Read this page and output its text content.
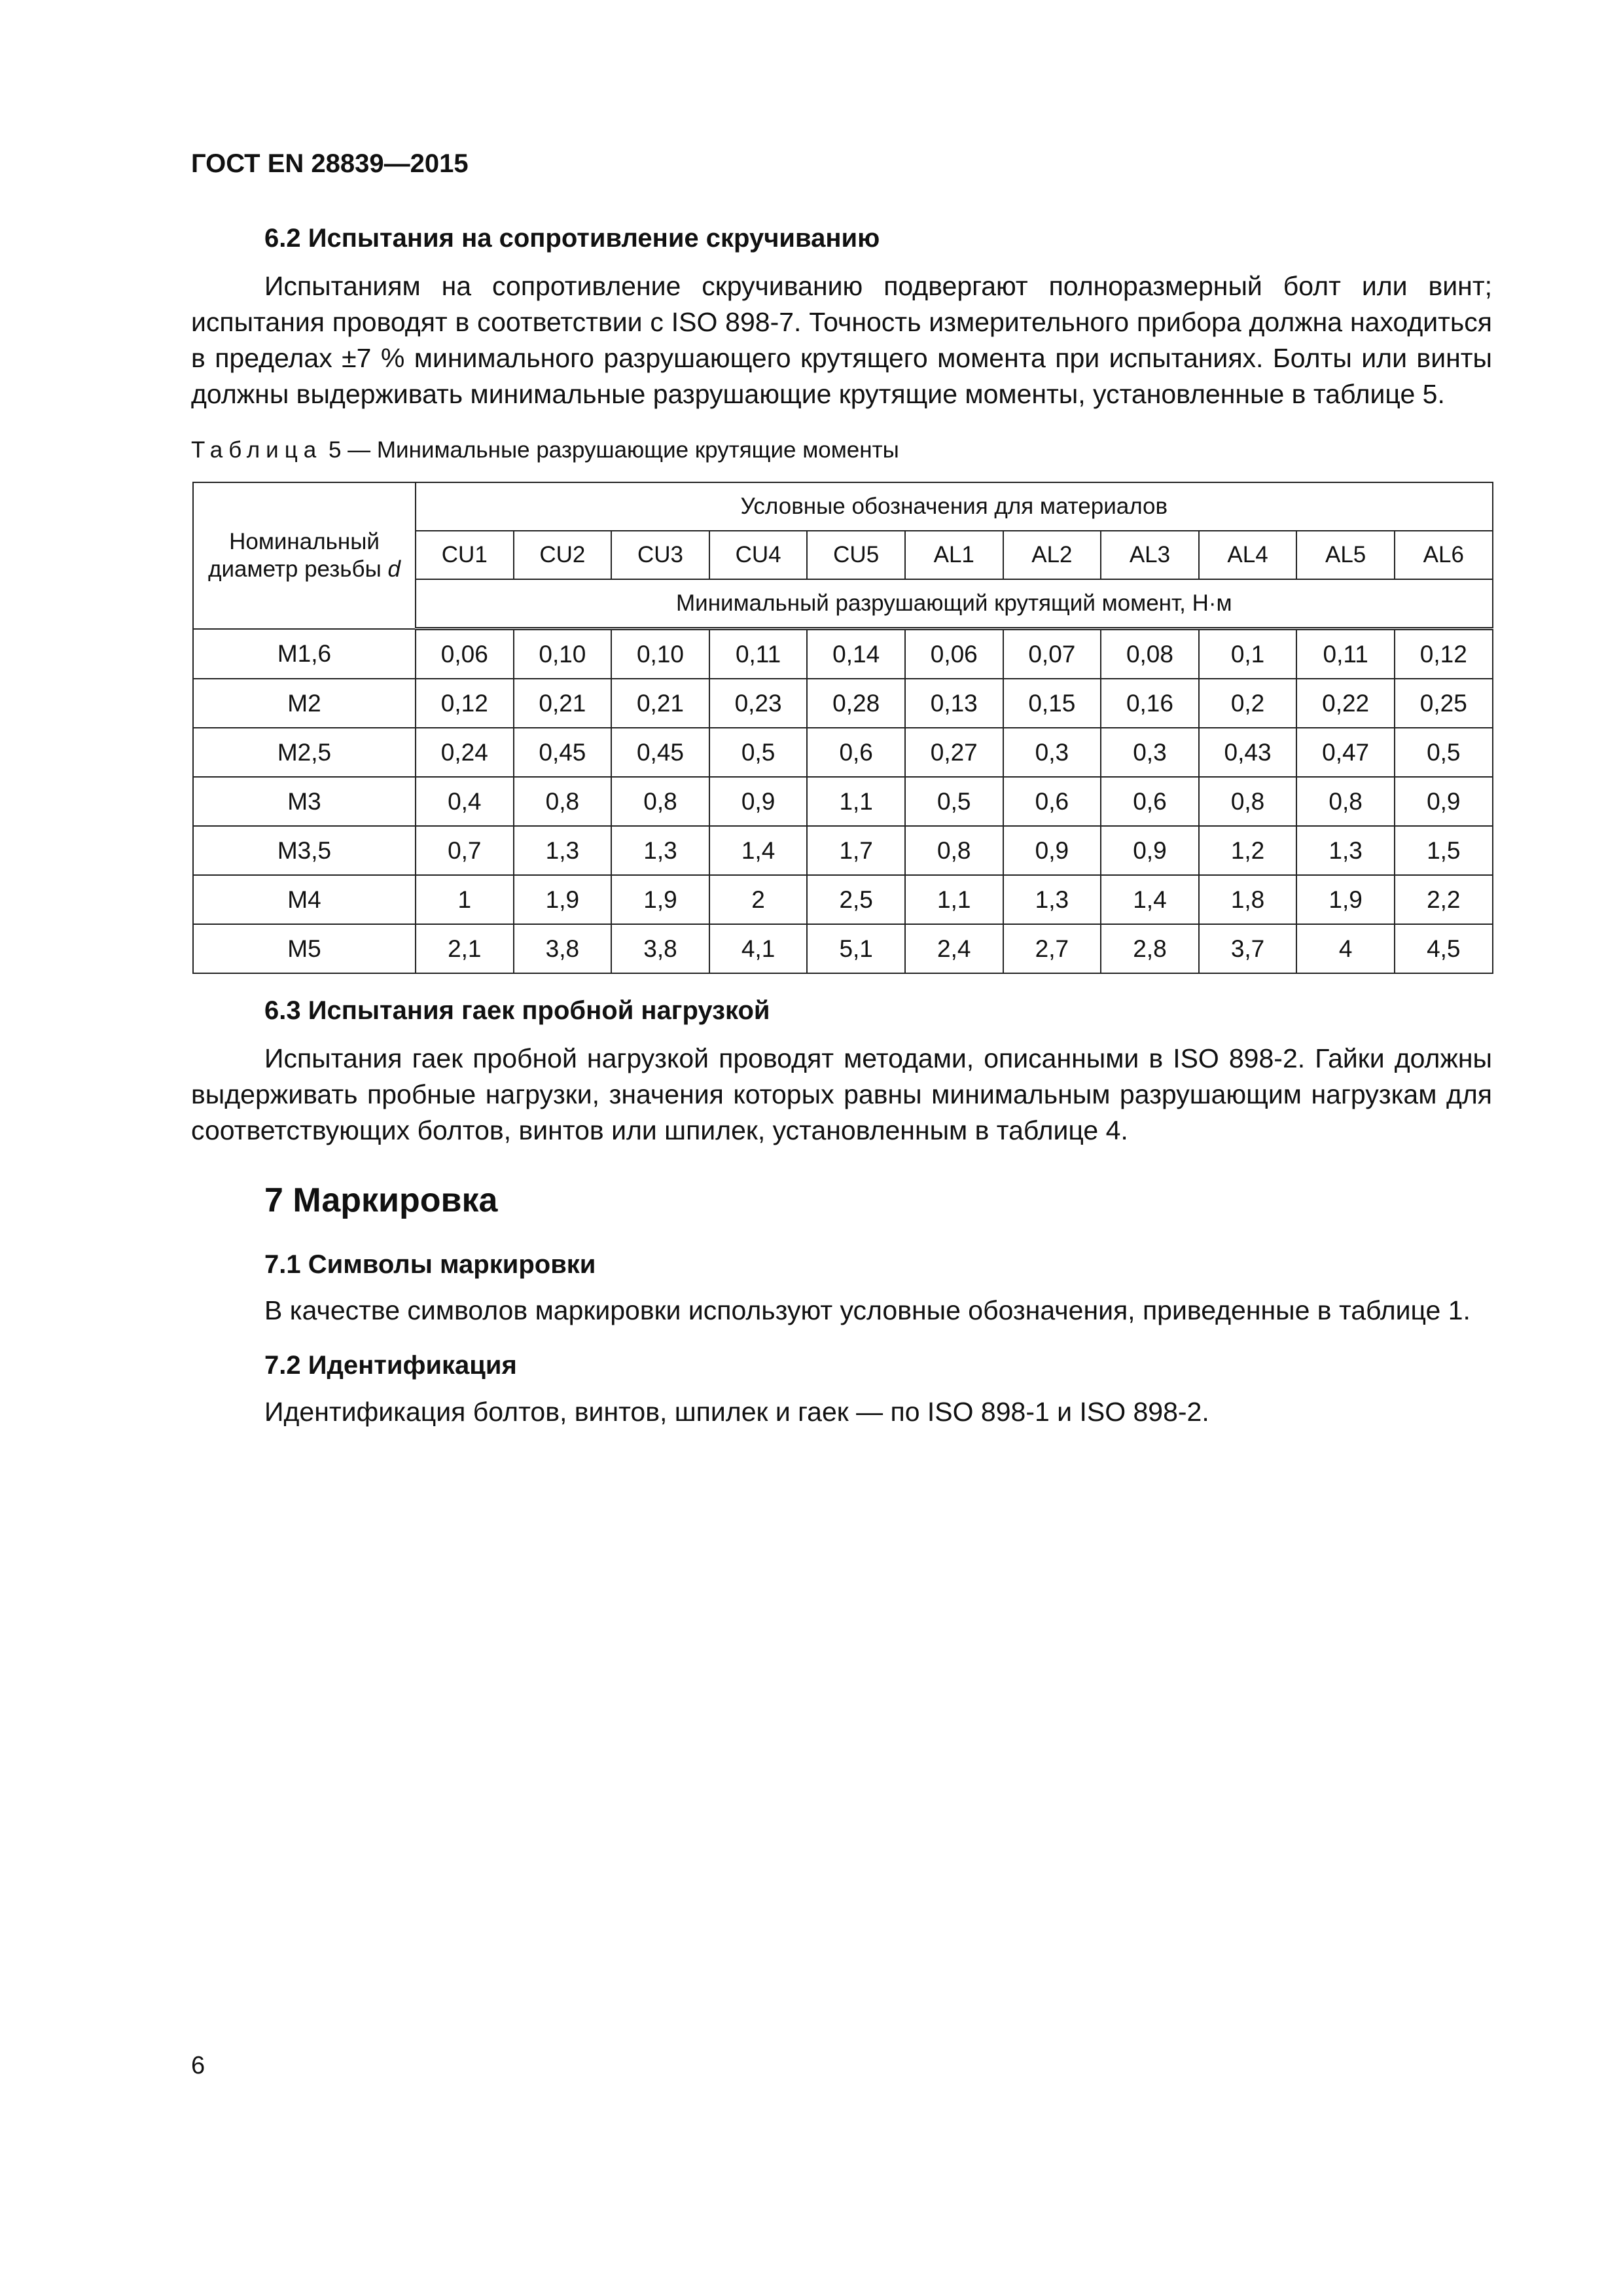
ГОСТ EN 28839—2015
6.2 Испытания на сопротивление скручиванию

Испытаниям на сопротивление скручиванию подвергают полноразмерный болт или винт; испытания проводят в соответствии с ISO 898-7. Точность измерительного прибора должна находиться в пределах ±7 % минимального разрушающего крутящего момента при испытаниях. Болты или винты должны выдерживать минимальные разрушающие крутящие моменты, установленные в таблице 5.

Таблица 5 — Минимальные разрушающие крутящие моменты
Номинальный диаметр резьбы d	Условные обозначения для материалов										
	CU1	CU2	CU3	CU4	CU5	AL1	AL2	AL3	AL4	AL5	AL6
	Минимальный разрушающий крутящий момент, Н·м										
M1,6	0,06	0,10	0,10	0,11	0,14	0,06	0,07	0,08	0,1	0,11	0,12
M2	0,12	0,21	0,21	0,23	0,28	0,13	0,15	0,16	0,2	0,22	0,25
M2,5	0,24	0,45	0,45	0,5	0,6	0,27	0,3	0,3	0,43	0,47	0,5
M3	0,4	0,8	0,8	0,9	1,1	0,5	0,6	0,6	0,8	0,8	0,9
M3,5	0,7	1,3	1,3	1,4	1,7	0,8	0,9	0,9	1,2	1,3	1,5
M4	1	1,9	1,9	2	2,5	1,1	1,3	1,4	1,8	1,9	2,2
M5	2,1	3,8	3,8	4,1	5,1	2,4	2,7	2,8	3,7	4	4,5
6.3 Испытания гаек пробной нагрузкой

Испытания гаек пробной нагрузкой проводят методами, описанными в ISO 898-2. Гайки должны выдерживать пробные нагрузки, значения которых равны минимальным разрушающим нагрузкам для соответствующих болтов, винтов или шпилек, установленным в таблице 4.

7 Маркировка
7.1 Символы маркировки

В качестве символов маркировки используют условные обозначения, приведенные в таблице 1.

7.2 Идентификация

Идентификация болтов, винтов, шпилек и гаек — по ISO 898-1 и ISO 898-2.

6
